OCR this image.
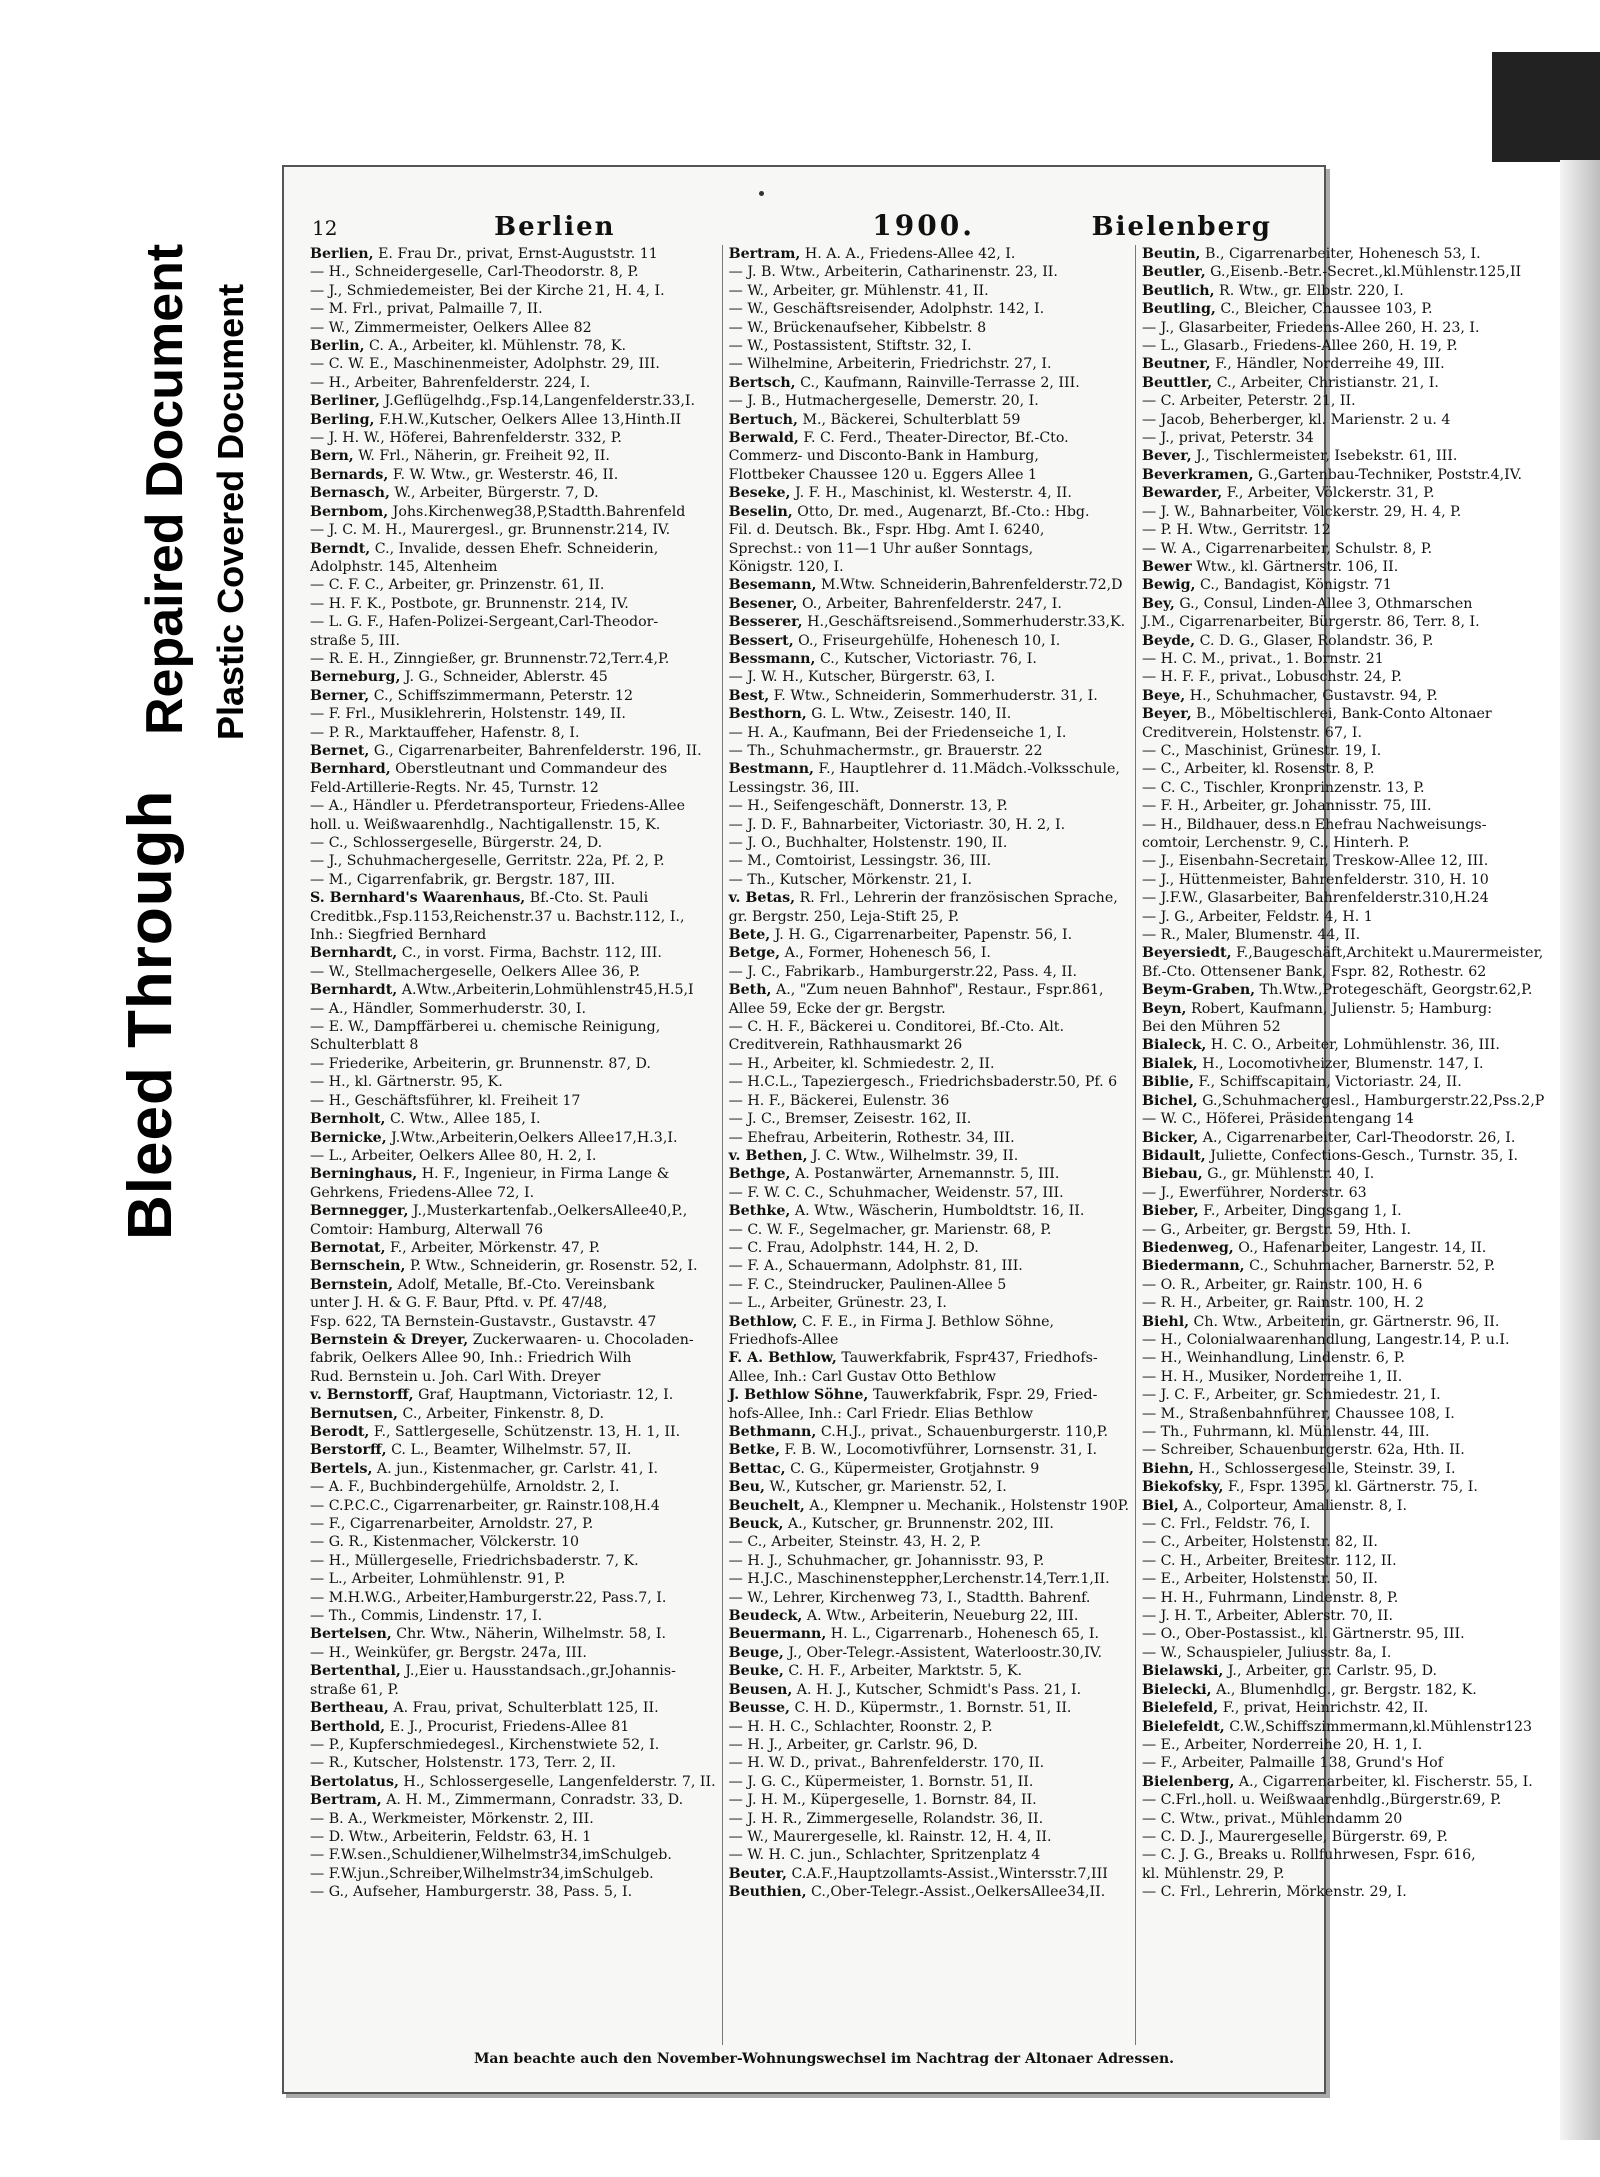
Bleed Through
Repaired Document Plastic Covered Document
12	Berlien	1900.	Bielenberg

Berlien, E. Frau Dr., privat, Ernst-Auguststr. 11

— H., Schneidergeselle, Carl-Theodorstr. 8, P.

— J., Schmiedemeister, Bei der Kirche 21, H. 4, I.

— M. Frl., privat, Palmaille 7, II.

— W., Zimmermeister, Oelkers Allee 82

Berlin, C. A., Arbeiter, kl. Mühlenstr. 78, K.

— C. W. E., Maschinenmeister, Adolphstr. 29, III.

— H., Arbeiter, Bahrenfelderstr. 224, I.

Berliner, J.Geflügelhdg.,Fsp.14,Langenfelderstr.33,I.

Berling, F.H.W.,Kutscher, Oelkers Allee 13,Hinth.II

— J. H. W., Höferei, Bahrenfelderstr. 332, P.

Bern, W. Frl., Näherin, gr. Freiheit 92, II.

Bernards, F. W. Wtw., gr. Westerstr. 46, II.

Bernasch, W., Arbeiter, Bürgerstr. 7, D.

Bernbom, Johs.Kirchenweg38,P,Stadtth.Bahrenfeld

— J. C. M. H., Maurergesl., gr. Brunnenstr.214, IV.

Berndt, C., Invalide, dessen Ehefr. Schneiderin,

Adolphstr. 145, Altenheim

— C. F. C., Arbeiter, gr. Prinzenstr. 61, II.

— H. F. K., Postbote, gr. Brunnenstr. 214, IV.

— L. G. F., Hafen-Polizei-Sergeant,Carl-Theodor-

straße 5, III.

— R. E. H., Zinngießer, gr. Brunnenstr.72,Terr.4,P.

Berneburg, J. G., Schneider, Ablerstr. 45

Berner, C., Schiffszimmermann, Peterstr. 12

— F. Frl., Musiklehrerin, Holstenstr. 149, II.

— P. R., Marktauffeher, Hafenstr. 8, I.

Bernet, G., Cigarrenarbeiter, Bahrenfelderstr. 196, II.

Bernhard, Oberstleutnant und Commandeur des

Feld-Artillerie-Regts. Nr. 45, Turnstr. 12

— A., Händler u. Pferdetransporteur, Friedens-Allee

holl. u. Weißwaarenhdlg., Nachtigallenstr. 15, K.

— C., Schlossergeselle, Bürgerstr. 24, D.

— J., Schuhmachergeselle, Gerritstr. 22a, Pf. 2, P.

— M., Cigarrenfabrik, gr. Bergstr. 187, III.

S. Bernhard's Waarenhaus, Bf.-Cto. St. Pauli

Creditbk.,Fsp.1153,Reichenstr.37 u. Bachstr.112, I.,

Inh.: Siegfried Bernhard

Bernhardt, C., in vorst. Firma, Bachstr. 112, III.

— W., Stellmachergeselle, Oelkers Allee 36, P.

Bernhardt, A.Wtw.,Arbeiterin,Lohmühlenstr45,H.5,I

— A., Händler, Sommerhuderstr. 30, I.

— E. W., Dampffärberei u. chemische Reinigung,

Schulterblatt 8

— Friederike, Arbeiterin, gr. Brunnenstr. 87, D.

— H., kl. Gärtnerstr. 95, K.

— H., Geschäftsführer, kl. Freiheit 17

Bernholt, C. Wtw., Allee 185, I.

Bernicke, J.Wtw.,Arbeiterin,Oelkers Allee17,H.3,I.

— L., Arbeiter, Oelkers Allee 80, H. 2, I.

Berninghaus, H. F., Ingenieur, in Firma Lange &

Gehrkens, Friedens-Allee 72, I.

Bernnegger, J.,Musterkartenfab.,OelkersAllee40,P.,

Comtoir: Hamburg, Alterwall 76

Bernotat, F., Arbeiter, Mörkenstr. 47, P.

Bernschein, P. Wtw., Schneiderin, gr. Rosenstr. 52, I.

Bernstein, Adolf, Metalle, Bf.-Cto. Vereinsbank

unter J. H. & G. F. Baur, Pftd. v. Pf. 47/48,

Fsp. 622, TA Bernstein-Gustavstr., Gustavstr. 47

Bernstein & Dreyer, Zuckerwaaren- u. Chocoladen-

fabrik, Oelkers Allee 90, Inh.: Friedrich Wilh

Rud. Bernstein u. Joh. Carl With. Dreyer

v. Bernstorff, Graf, Hauptmann, Victoriastr. 12, I.

Bernutsen, C., Arbeiter, Finkenstr. 8, D.

Berodt, F., Sattlergeselle, Schützenstr. 13, H. 1, II.

Berstorff, C. L., Beamter, Wilhelmstr. 57, II.

Bertels, A. jun., Kistenmacher, gr. Carlstr. 41, I.

— A. F., Buchbindergehülfe, Arnoldstr. 2, I.

— C.P.C.C., Cigarrenarbeiter, gr. Rainstr.108,H.4

— F., Cigarrenarbeiter, Arnoldstr. 27, P.

— G. R., Kistenmacher, Völckerstr. 10

— H., Müllergeselle, Friedrichsbaderstr. 7, K.

— L., Arbeiter, Lohmühlenstr. 91, P.

— M.H.W.G., Arbeiter,Hamburgerstr.22, Pass.7, I.

— Th., Commis, Lindenstr. 17, I.

Bertelsen, Chr. Wtw., Näherin, Wilhelmstr. 58, I.

— H., Weinküfer, gr. Bergstr. 247a, III.

Bertenthal, J.,Eier u. Hausstandsach.,gr.Johannis-

straße 61, P.

Bertheau, A. Frau, privat, Schulterblatt 125, II.

Berthold, E. J., Procurist, Friedens-Allee 81

— P., Kupferschmiedegesl., Kirchenstwiete 52, I.

— R., Kutscher, Holstenstr. 173, Terr. 2, II.

Bertolatus, H., Schlossergeselle, Langenfelderstr. 7, II.

Bertram, A. H. M., Zimmermann, Conradstr. 33, D.

— B. A., Werkmeister, Mörkenstr. 2, III.

— D. Wtw., Arbeiterin, Feldstr. 63, H. 1

— F.W.sen.,Schuldiener,Wilhelmstr34,imSchulgeb.

— F.W.jun.,Schreiber,Wilhelmstr34,imSchulgeb.

— G., Aufseher, Hamburgerstr. 38, Pass. 5, I.

Bertram, H. A. A., Friedens-Allee 42, I.

— J. B. Wtw., Arbeiterin, Catharinenstr. 23, II.

— W., Arbeiter, gr. Mühlenstr. 41, II.

— W., Geschäftsreisender, Adolphstr. 142, I.

— W., Brückenaufseher, Kibbelstr. 8

— W., Postassistent, Stiftstr. 32, I.

— Wilhelmine, Arbeiterin, Friedrichstr. 27, I.

Bertsch, C., Kaufmann, Rainville-Terrasse 2, III.

— J. B., Hutmachergeselle, Demerstr. 20, I.

Bertuch, M., Bäckerei, Schulterblatt 59

Berwald, F. C. Ferd., Theater-Director, Bf.-Cto.

Commerz- und Disconto-Bank in Hamburg,

Flottbeker Chaussee 120 u. Eggers Allee 1

Beseke, J. F. H., Maschinist, kl. Westerstr. 4, II.

Beselin, Otto, Dr. med., Augenarzt, Bf.-Cto.: Hbg.

Fil. d. Deutsch. Bk., Fspr. Hbg. Amt I. 6240,

Sprechst.: von 11—1 Uhr außer Sonntags,

Königstr. 120, I.

Besemann, M.Wtw. Schneiderin,Bahrenfelderstr.72,D

Besener, O., Arbeiter, Bahrenfelderstr. 247, I.

Besserer, H.,Geschäftsreisend.,Sommerhuderstr.33,K.

Bessert, O., Friseurgehülfe, Hohenesch 10, I.

Bessmann, C., Kutscher, Victoriastr. 76, I.

— J. W. H., Kutscher, Bürgerstr. 63, I.

Best, F. Wtw., Schneiderin, Sommerhuderstr. 31, I.

Besthorn, G. L. Wtw., Zeisestr. 140, II.

— H. A., Kaufmann, Bei der Friedenseiche 1, I.

— Th., Schuhmachermstr., gr. Brauerstr. 22

Bestmann, F., Hauptlehrer d. 11.Mädch.-Volksschule,

Lessingstr. 36, III.

— H., Seifengeschäft, Donnerstr. 13, P.

— J. D. F., Bahnarbeiter, Victoriastr. 30, H. 2, I.

— J. O., Buchhalter, Holstenstr. 190, II.

— M., Comtoirist, Lessingstr. 36, III.

— Th., Kutscher, Mörkenstr. 21, I.

v. Betas, R. Frl., Lehrerin der französischen Sprache,

gr. Bergstr. 250, Leja-Stift 25, P.

Bete, J. H. G., Cigarrenarbeiter, Papenstr. 56, I.

Betge, A., Former, Hohenesch 56, I.

— J. C., Fabrikarb., Hamburgerstr.22, Pass. 4, II.

Beth, A., "Zum neuen Bahnhof", Restaur., Fspr.861,

Allee 59, Ecke der gr. Bergstr.

— C. H. F., Bäckerei u. Conditorei, Bf.-Cto. Alt.

Creditverein, Rathhausmarkt 26

— H., Arbeiter, kl. Schmiedestr. 2, II.

— H.C.L., Tapeziergesch., Friedrichsbaderstr.50, Pf. 6

— H. F., Bäckerei, Eulenstr. 36

— J. C., Bremser, Zeisestr. 162, II.

— Ehefrau, Arbeiterin, Rothestr. 34, III.

v. Bethen, J. C. Wtw., Wilhelmstr. 39, II.

Bethge, A. Postanwärter, Arnemannstr. 5, III.

— F. W. C. C., Schuhmacher, Weidenstr. 57, III.

Bethke, A. Wtw., Wäscherin, Humboldtstr. 16, II.

— C. W. F., Segelmacher, gr. Marienstr. 68, P.

— C. Frau, Adolphstr. 144, H. 2, D.

— F. A., Schauermann, Adolphstr. 81, III.

— F. C., Steindrucker, Paulinen-Allee 5

— L., Arbeiter, Grünestr. 23, I.

Bethlow, C. F. E., in Firma J. Bethlow Söhne,

Friedhofs-Allee

F. A. Bethlow, Tauwerkfabrik, Fspr437, Friedhofs-

Allee, Inh.: Carl Gustav Otto Bethlow

J. Bethlow Söhne, Tauwerkfabrik, Fspr. 29, Fried-

hofs-Allee, Inh.: Carl Friedr. Elias Bethlow

Bethmann, C.H.J., privat., Schauenburgerstr. 110,P.

Betke, F. B. W., Locomotivführer, Lornsenstr. 31, I.

Bettac, C. G., Küpermeister, Grotjahnstr. 9

Beu, W., Kutscher, gr. Marienstr. 52, I.

Beuchelt, A., Klempner u. Mechanik., Holstenstr 190P.

Beuck, A., Kutscher, gr. Brunnenstr. 202, III.

— C., Arbeiter, Steinstr. 43, H. 2, P.

— H. J., Schuhmacher, gr. Johannisstr. 93, P.

— H.J.C., Maschinensteppher,Lerchenstr.14,Terr.1,II.

— W., Lehrer, Kirchenweg 73, I., Stadtth. Bahrenf.

Beudeck, A. Wtw., Arbeiterin, Neueburg 22, III.

Beuermann, H. L., Cigarrenarb., Hohenesch 65, I.

Beuge, J., Ober-Telegr.-Assistent, Waterloostr.30,IV.

Beuke, C. H. F., Arbeiter, Marktstr. 5, K.

Beusen, A. H. J., Kutscher, Schmidt's Pass. 21, I.

Beusse, C. H. D., Küpermstr., 1. Bornstr. 51, II.

— H. H. C., Schlachter, Roonstr. 2, P.

— H. J., Arbeiter, gr. Carlstr. 96, D.

— H. W. D., privat., Bahrenfelderstr. 170, II.

— J. G. C., Küpermeister, 1. Bornstr. 51, II.

— J. H. M., Küpergeselle, 1. Bornstr. 84, II.

— J. H. R., Zimmergeselle, Rolandstr. 36, II.

— W., Maurergeselle, kl. Rainstr. 12, H. 4, II.

— W. H. C. jun., Schlachter, Spritzenplatz 4

Beuter, C.A.F.,Hauptzollamts-Assist.,Wintersstr.7,III

Beuthien, C.,Ober-Telegr.-Assist.,OelkersAllee34,II.

Beutin, B., Cigarrenarbeiter, Hohenesch 53, I.

Beutler, G.,Eisenb.-Betr.-Secret.,kl.Mühlenstr.125,II

Beutlich, R. Wtw., gr. Elbstr. 220, I.

Beutling, C., Bleicher, Chaussee 103, P.

— J., Glasarbeiter, Friedens-Allee 260, H. 23, I.

— L., Glasarb., Friedens-Allee 260, H. 19, P.

Beutner, F., Händler, Norderreihe 49, III.

Beuttler, C., Arbeiter, Christianstr. 21, I.

— C. Arbeiter, Peterstr. 21, II.

— Jacob, Beherberger, kl. Marienstr. 2 u. 4

— J., privat, Peterstr. 34

Bever, J., Tischlermeister, Isebekstr. 61, III.

Beverkramen, G.,Gartenbau-Techniker, Poststr.4,IV.

Bewarder, F., Arbeiter, Völckerstr. 31, P.

— J. W., Bahnarbeiter, Völckerstr. 29, H. 4, P.

— P. H. Wtw., Gerritstr. 12

— W. A., Cigarrenarbeiter, Schulstr. 8, P.

Bewer Wtw., kl. Gärtnerstr. 106, II.

Bewig, C., Bandagist, Königstr. 71

Bey, G., Consul, Linden-Allee 3, Othmarschen

J.M., Cigarrenarbeiter, Bürgerstr. 86, Terr. 8, I.

Beyde, C. D. G., Glaser, Rolandstr. 36, P.

— H. C. M., privat., 1. Bornstr. 21

— H. F. F., privat., Lobuschstr. 24, P.

Beye, H., Schuhmacher, Gustavstr. 94, P.

Beyer, B., Möbeltischlerei, Bank-Conto Altonaer

Creditverein, Holstenstr. 67, I.

— C., Maschinist, Grünestr. 19, I.

— C., Arbeiter, kl. Rosenstr. 8, P.

— C. C., Tischler, Kronprinzenstr. 13, P.

— F. H., Arbeiter, gr. Johannisstr. 75, III.

— H., Bildhauer, dess.n Ehefrau Nachweisungs-

comtoir, Lerchenstr. 9, C., Hinterh. P.

— J., Eisenbahn-Secretair, Treskow-Allee 12, III.

— J., Hüttenmeister, Bahrenfelderstr. 310, H. 10

— J.F.W., Glasarbeiter, Bahrenfelderstr.310,H.24

— J. G., Arbeiter, Feldstr. 4, H. 1

— R., Maler, Blumenstr. 44, II.

Beyersiedt, F.,Baugeschäft,Architekt u.Maurermeister,

Bf.-Cto. Ottensener Bank, Fspr. 82, Rothestr. 62

Beym-Graben, Th.Wtw.,Protegeschäft, Georgstr.62,P.

Beyn, Robert, Kaufmann, Julienstr. 5; Hamburg:

Bei den Mühren 52

Bialeck, H. C. O., Arbeiter, Lohmühlenstr. 36, III.

Bialek, H., Locomotivheizer, Blumenstr. 147, I.

Biblie, F., Schiffscapitain, Victoriastr. 24, II.

Bichel, G.,Schuhmachergesl., Hamburgerstr.22,Pss.2,P

— W. C., Höferei, Präsidentengang 14

Bicker, A., Cigarrenarbeiter, Carl-Theodorstr. 26, I.

Bidault, Juliette, Confections-Gesch., Turnstr. 35, I.

Biebau, G., gr. Mühlenstr. 40, I.

— J., Ewerführer, Norderstr. 63

Bieber, F., Arbeiter, Dingsgang 1, I.

— G., Arbeiter, gr. Bergstr. 59, Hth. I.

Biedenweg, O., Hafenarbeiter, Langestr. 14, II.

Biedermann, C., Schuhmacher, Barnerstr. 52, P.

— O. R., Arbeiter, gr. Rainstr. 100, H. 6

— R. H., Arbeiter, gr. Rainstr. 100, H. 2

Biehl, Ch. Wtw., Arbeiterin, gr. Gärtnerstr. 96, II.

— H., Colonialwaarenhandlung, Langestr.14, P. u.I.

— H., Weinhandlung, Lindenstr. 6, P.

— H. H., Musiker, Norderreihe 1, II.

— J. C. F., Arbeiter, gr. Schmiedestr. 21, I.

— M., Straßenbahnführer, Chaussee 108, I.

— Th., Fuhrmann, kl. Mühlenstr. 44, III.

— Schreiber, Schauenburgerstr. 62a, Hth. II.

Biehn, H., Schlossergeselle, Steinstr. 39, I.

Biekofsky, F., Fspr. 1395, kl. Gärtnerstr. 75, I.

Biel, A., Colporteur, Amalienstr. 8, I.

— C. Frl., Feldstr. 76, I.

— C., Arbeiter, Holstenstr. 82, II.

— C. H., Arbeiter, Breitestr. 112, II.

— E., Arbeiter, Holstenstr. 50, II.

— H. H., Fuhrmann, Lindenstr. 8, P.

— J. H. T., Arbeiter, Ablerstr. 70, II.

— O., Ober-Postassist., kl. Gärtnerstr. 95, III.

— W., Schauspieler, Juliusstr. 8a, I.

Bielawski, J., Arbeiter, gr. Carlstr. 95, D.

Bielecki, A., Blumenhdlg., gr. Bergstr. 182, K.

Bielefeld, F., privat, Heinrichstr. 42, II.

Bielefeldt, C.W.,Schiffszimmermann,kl.Mühlenstr123

— E., Arbeiter, Norderreihe 20, H. 1, I.

— F., Arbeiter, Palmaille 138, Grund's Hof

Bielenberg, A., Cigarrenarbeiter, kl. Fischerstr. 55, I.

— C.Frl.,holl. u. Weißwaarenhdlg.,Bürgerstr.69, P.

— C. Wtw., privat., Mühlendamm 20

— C. D. J., Maurergeselle, Bürgerstr. 69, P.

— C. J. G., Breaks u. Rollfuhrwesen, Fspr. 616,

kl. Mühlenstr. 29, P.

— C. Frl., Lehrerin, Mörkenstr. 29, I.

Man beachte auch den November-Wohnungswechsel im Nachtrag der Altonaer Adressen.
